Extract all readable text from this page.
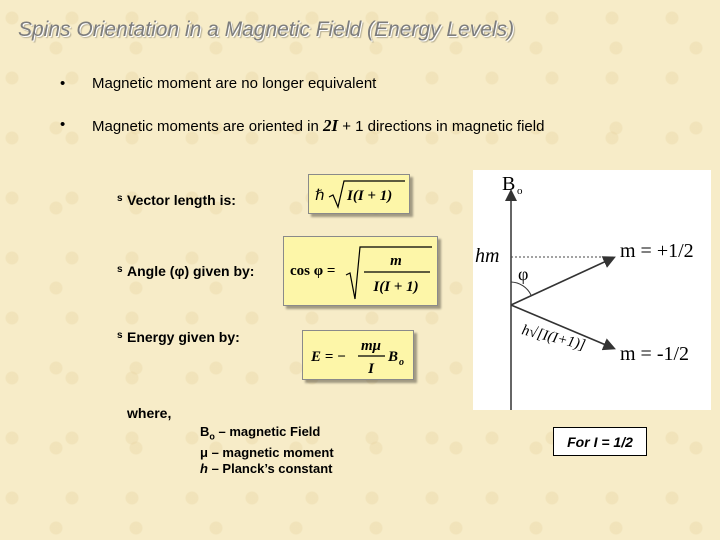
Spins Orientation in a Magnetic Field (Energy Levels)
• Magnetic moment are no longer equivalent
• Magnetic moments are oriented in 2I + 1 directions in magnetic field
s Vector length is:
s Angle (φ) given by:
s Energy given by:
ℏ I(I + 1)
cos φ =
m
I(I + 1)
E = −
mμ
I
B o
where,
$B_o$ – magnetic Field
μ – magnetic moment
h – Planck’s constant
For I = 1/2
B o
hm
φ
h√[I(I+1)]
m = +1/2
m = -1/2
